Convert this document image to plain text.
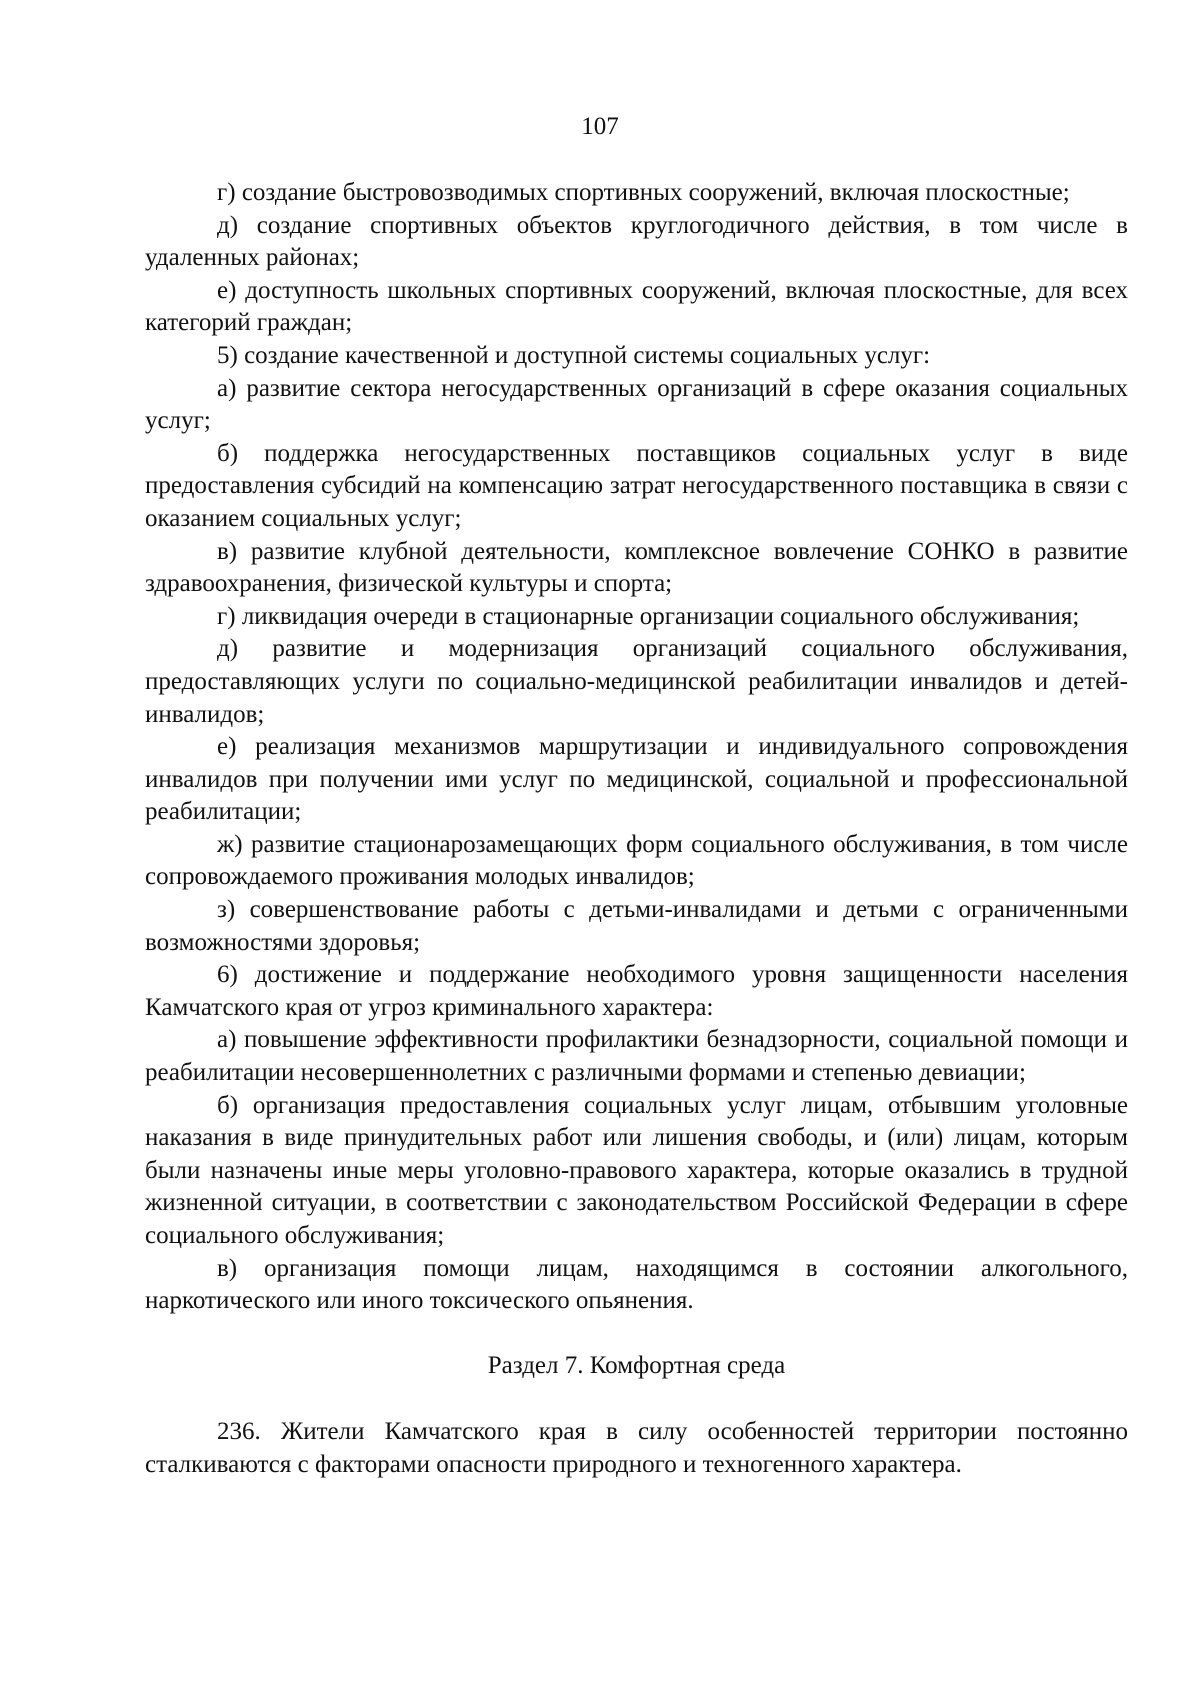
107

г) создание быстровозводимых спортивных сооружений, включая плоскостные;

д) создание спортивных объектов круглогодичного действия, в том числе в удаленных районах;

е) доступность школьных спортивных сооружений, включая плоскостные, для всех категорий граждан;

5) создание качественной и доступной системы социальных услуг:

а) развитие сектора негосударственных организаций в сфере оказания социальных услуг;

б) поддержка негосударственных поставщиков социальных услуг в виде предоставления субсидий на компенсацию затрат негосударственного поставщика в связи с оказанием социальных услуг;

в) развитие клубной деятельности, комплексное вовлечение СОНКО в развитие здравоохранения, физической культуры и спорта;

г) ликвидация очереди в стационарные организации социального обслуживания;

д) развитие и модернизация организаций социального обслуживания, предоставляющих услуги по социально-медицинской реабилитации инвалидов и детей-инвалидов;

е) реализация механизмов маршрутизации и индивидуального сопровождения инвалидов при получении ими услуг по медицинской, социальной и профессиональной реабилитации;

ж) развитие стационарозамещающих форм социального обслуживания, в том числе сопровождаемого проживания молодых инвалидов;

з) совершенствование работы с детьми-инвалидами и детьми с ограниченными возможностями здоровья;

6) достижение и поддержание необходимого уровня защищенности населения Камчатского края от угроз криминального характера:

а) повышение эффективности профилактики безнадзорности, социальной помощи и реабилитации несовершеннолетних с различными формами и степенью девиации;

б) организация предоставления социальных услуг лицам, отбывшим уголовные наказания в виде принудительных работ или лишения свободы, и (или) лицам, которым были назначены иные меры уголовно-правового характера, которые оказались в трудной жизненной ситуации, в соответствии с законодательством Российской Федерации в сфере социального обслуживания;

в) организация помощи лицам, находящимся в состоянии алкогольного, наркотического или иного токсического опьянения.

Раздел 7. Комфортная среда

236. Жители Камчатского края в силу особенностей территории постоянно сталкиваются с факторами опасности природного и техногенного характера.
